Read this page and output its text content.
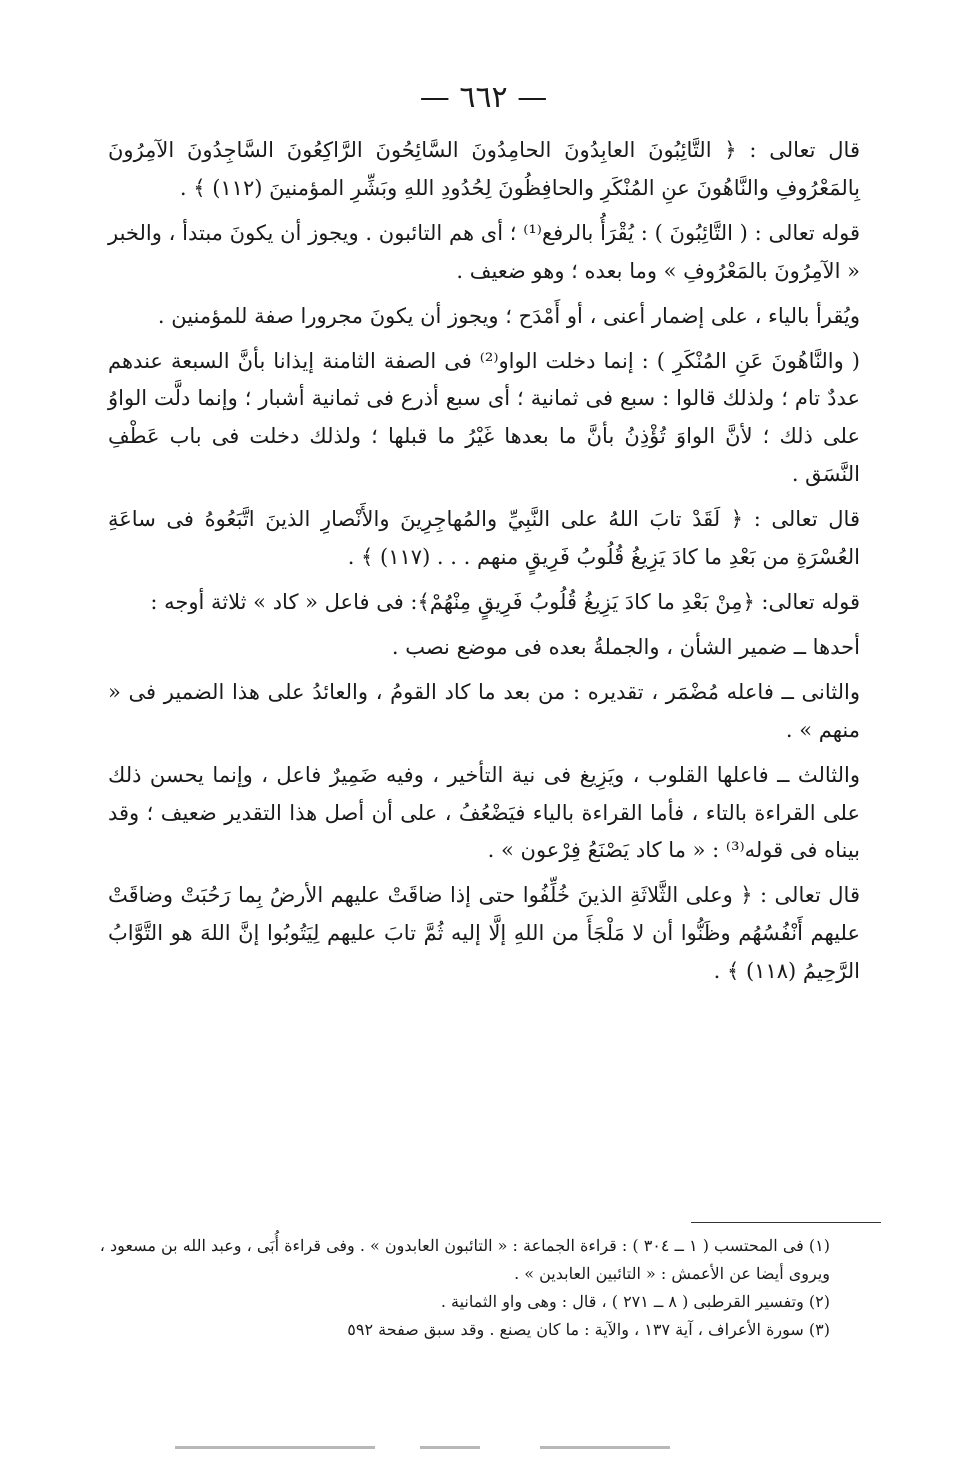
— ٦٦٢ —

قال تعالى : ﴿ التَّائِبُونَ العابِدُونَ الحامِدُونَ السَّائِحُونَ الرَّاكِعُونَ السَّاجِدُونَ الآمِرُونَ بِالمَعْرُوفِ والنَّاهُونَ عنِ المُنْكَرِ والحافِظُونَ لِحُدُودِ اللهِ وبَشِّرِ المؤمنينَ (١١٢) ﴾ .

قوله تعالى : ( التَّائِبُونَ ) : يُقْرَأُ بالرفع⁽¹⁾ ؛ أى هم التائبون . ويجوز أن يكونَ مبتدأ ، والخبر « الآمِرُونَ بالمَعْرُوفِ » وما بعده ؛ وهو ضعيف .

ويُقرأ بالياء ، على إضمار أعنى ، أو أَمْدَح ؛ ويجوز أن يكونَ مجرورا صفة للمؤمنين .

( والنَّاهُونَ عَنِ المُنْكَرِ ) : إنما دخلت الواو⁽²⁾ فى الصفة الثامنة إيذانا بأنَّ السبعة عندهم عددٌ تام ؛ ولذلك قالوا : سبع فى ثمانية ؛ أى سبع أذرع فى ثمانية أشبار ؛ وإنما دلَّت الواوُ على ذلك ؛ لأنَّ الواوَ تُؤْذِنُ بأنَّ ما بعدها غَيْرُ ما قبلها ؛ ولذلك دخلت فى باب عَطْفِ النَّسَق .

قال تعالى : ﴿ لَقَدْ تابَ اللهُ على النَّبِيِّ والمُهاجِرِينَ والأَنْصارِ الذينَ اتَّبَعُوهُ فى ساعَةِ العُسْرَةِ من بَعْدِ ما كادَ يَزِيغُ قُلُوبُ فَرِيقٍ منهم . . . (١١٧) ﴾ .

قوله تعالى: ﴿مِنْ بَعْدِ ما كادَ يَزِيغُ قُلُوبُ فَرِيقٍ مِنْهُمْ﴾: فى فاعل « كاد » ثلاثة أوجه :

أحدها ــ ضمير الشأن ، والجملةُ بعده فى موضع نصب .

والثانى ــ فاعله مُضْمَر ، تقديره : من بعد ما كاد القومُ ، والعائدُ على هذا الضمير فى « منهم » .

والثالث ــ فاعلها القلوب ، ويَزِيغ فى نية التأخير ، وفيه ضَمِيرٌ فاعل ، وإنما يحسن ذلك على القراءة بالتاء ، فأما القراءة بالياء فيَضْعُفُ ، على أن أصل هذا التقدير ضعيف ؛ وقد بيناه فى قوله⁽³⁾ : « ما كاد يَصْنَعُ فِرْعون » .

قال تعالى : ﴿ وعلى الثَّلاثَةِ الذينَ خُلِّفُوا حتى إذا ضاقَتْ عليهم الأرضُ بِما رَحُبَتْ وضاقَتْ عليهم أَنْفُسُهُم وظَنُّوا أن لا مَلْجَأَ من اللهِ إلَّا إليه ثُمَّ تابَ عليهم لِيَتُوبُوا إنَّ اللهَ هو التَّوَّابُ الرَّحِيمُ (١١٨) ﴾ .

(١) فى المحتسب ( ١ ــ ٣٠٤ ) : قراءة الجماعة : « التائبون العابدون » . وفى قراءة أُبَى ، وعبد الله بن مسعود ، ويروى أيضا عن الأعمش : « التائبين العابدين » .

(٢) وتفسير القرطبى ( ٨ ــ ٢٧١ ) ، قال : وهى واو الثمانية .

(٣) سورة الأعراف ، آية ١٣٧ ، والآية : ما كان يصنع . وقد سبق صفحة ٥٩٢
